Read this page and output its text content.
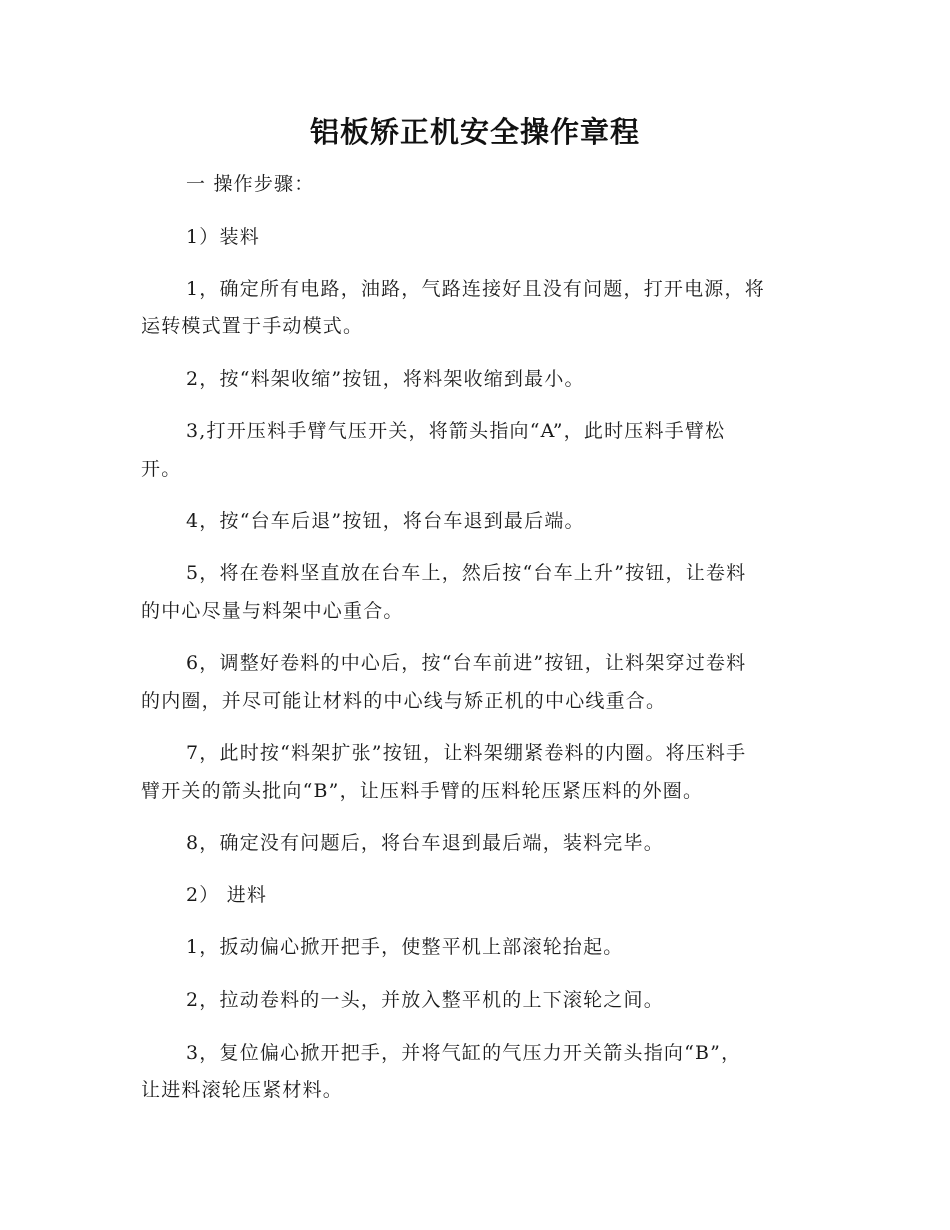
铝板矫正机安全操作章程
一 操作步骤：
1）装料
1，确定所有电路，油路，气路连接好且没有问题，打开电源，将
运转模式置于手动模式。
2，按“料架收缩”按钮，将料架收缩到最小。
3,打开压料手臂气压开关，将箭头指向“A”，此时压料手臂松
开。
4，按“台车后退”按钮，将台车退到最后端。
5，将在卷料坚直放在台车上，然后按“台车上升”按钮，让卷料
的中心尽量与料架中心重合。
6，调整好卷料的中心后，按“台车前进”按钮，让料架穿过卷料
的内圈，并尽可能让材料的中心线与矫正机的中心线重合。
7，此时按“料架扩张”按钮，让料架绷紧卷料的内圈。将压料手
臂开关的箭头批向“B”，让压料手臂的压料轮压紧压料的外圈。
8，确定没有问题后，将台车退到最后端，装料完毕。
2） 进料
1，扳动偏心掀开把手，使整平机上部滚轮抬起。
2，拉动卷料的一头，并放入整平机的上下滚轮之间。
3，复位偏心掀开把手，并将气缸的气压力开关箭头指向“B”，
让进料滚轮压紧材料。
